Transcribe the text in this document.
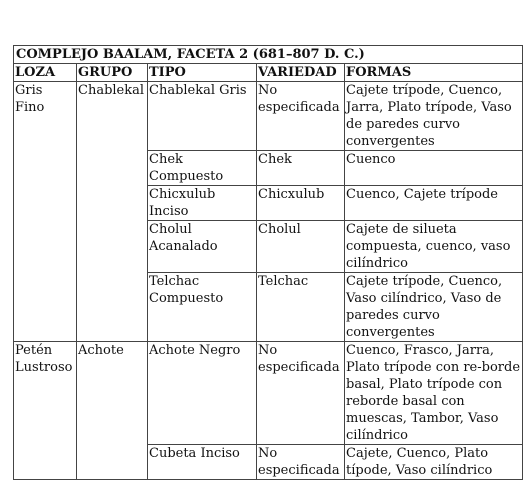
COMPLEJO BAALAM, FACETA 2 (681–807 D. C.)				
LOZA	GRUPO	TIPO	VARIEDAD	FORMAS
Gris Fino	Chablekal	Chablekal Gris	No especificada	Cajete trípode, Cuenco, Jarra, Plato trípode, Vaso de paredes curvo convergentes
		Chek Compuesto	Chek	Cuenco
		Chicxulub Inciso	Chicxulub	Cuenco, Cajete trípode
		Cholul Acanalado	Cholul	Cajete de silueta compuesta, cuenco, vaso cilíndrico
		Telchac Compuesto	Telchac	Cajete trípode, Cuenco, Vaso cilíndrico, Vaso de paredes curvo convergentes
Petén Lustroso	Achote	Achote Negro	No especificada	Cuenco, Frasco, Jarra, Plato trípode con re-borde basal, Plato trípode con reborde basal con muescas, Tambor, Vaso cilíndrico
		Cubeta Inciso	No especificada	Cajete, Cuenco, Plato típode, Vaso cilíndrico
